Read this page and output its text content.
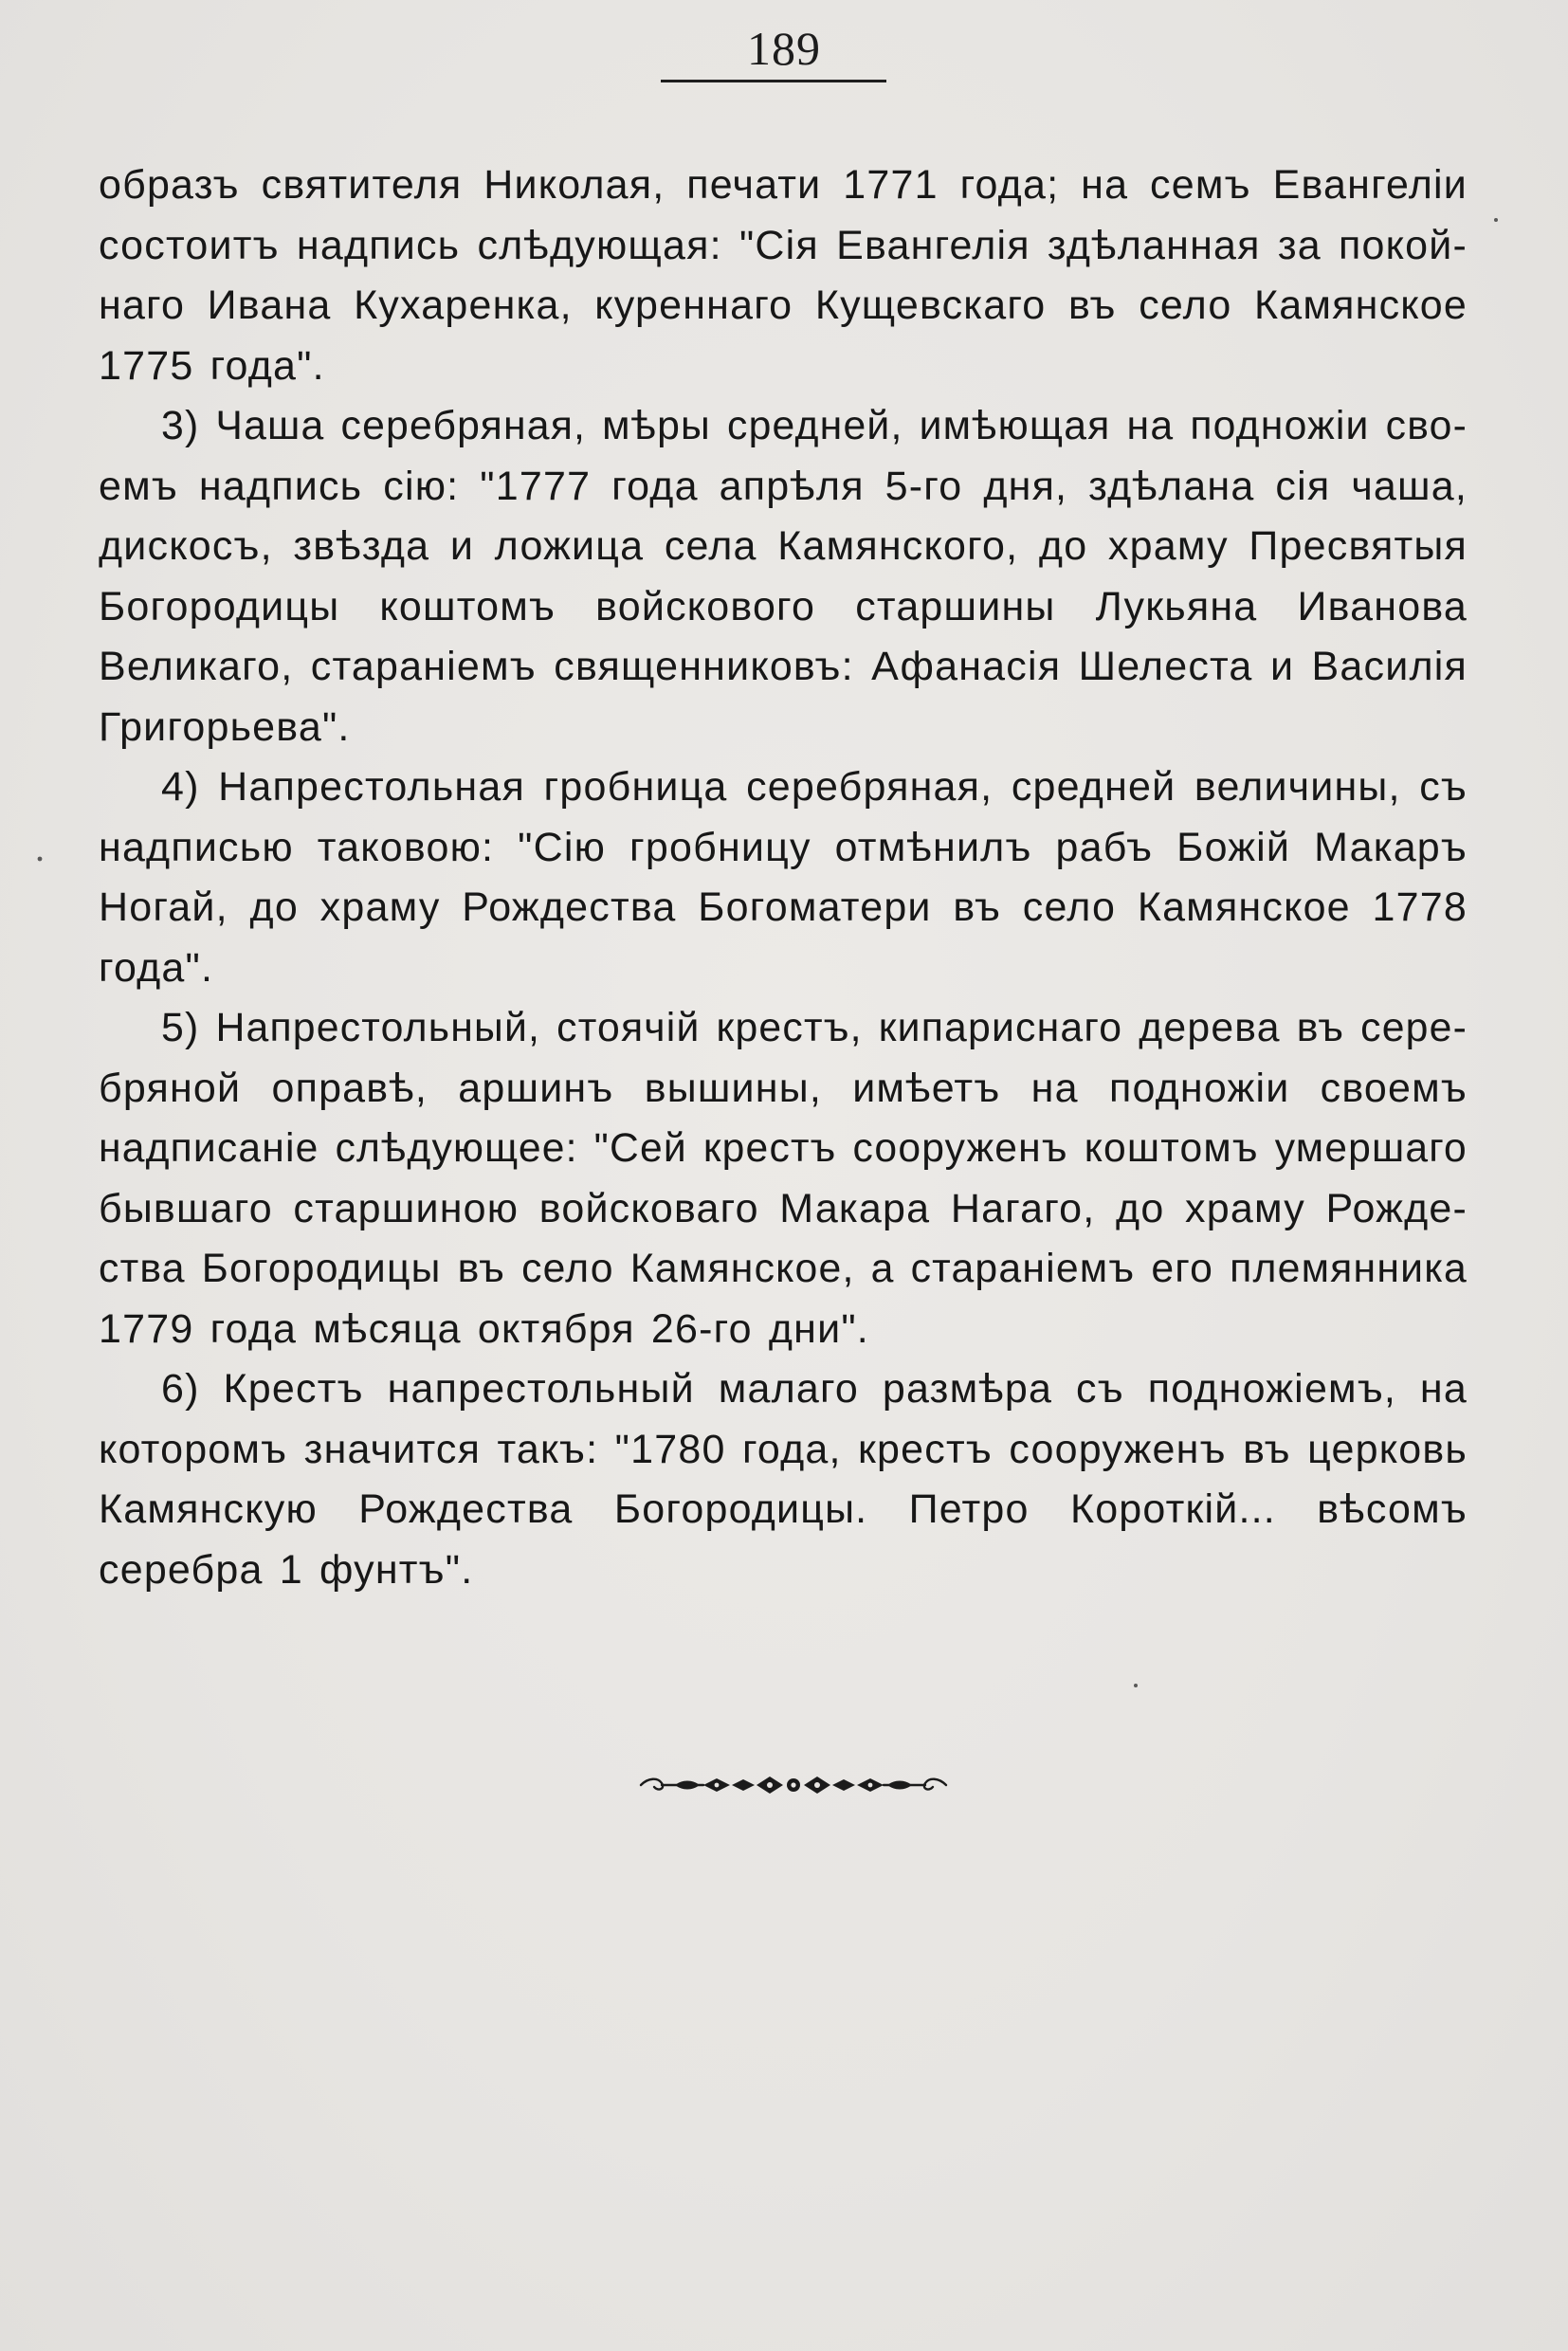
189
образъ святителя Николая, печати 1771 года; на семъ Евангеліи
состоитъ надпись слѣдующая: "Сія Евангелія здѣланная за покой-
наго Ивана Кухаренка, куреннаго Кущевскаго въ село Камянское
1775 года".
3) Чаша серебряная, мѣры средней, имѣющая на подножіи сво-
емъ надпись сію: "1777 года апрѣля 5-го дня, здѣлана сія чаша,
дискосъ, звѣзда и ложица села Камянского, до храму Пресвятыя
Богородицы коштомъ войскового старшины Лукьяна Иванова
Великаго, стараніемъ священниковъ: Афанасія Шелеста и Василія
Григорьева".
4) Напрестольная гробница серебряная, средней величины, съ
надписью таковою: "Сію гробницу отмѣнилъ рабъ Божій Макаръ
Ногай, до храму Рождества Богоматери въ село Камянское 1778
года".
5) Напрестольный, стоячій крестъ, кипариснаго дерева въ сере-
бряной оправѣ, аршинъ вышины, имѣетъ на подножіи своемъ
надписаніе слѣдующее: "Сей крестъ сооруженъ коштомъ умершаго
бывшаго старшиною войсковаго Макара Нагаго, до храму Рожде-
ства Богородицы въ село Камянское, а стараніемъ его племянника
1779 года мѣсяца октября 26-го дни".
6) Крестъ напрестольный малаго размѣра съ подножіемъ, на
которомъ значится такъ: "1780 года, крестъ сооруженъ въ церковь
Камянскую Рождества Богородицы. Петро Короткій... вѣсомъ
серебра 1 фунтъ".
